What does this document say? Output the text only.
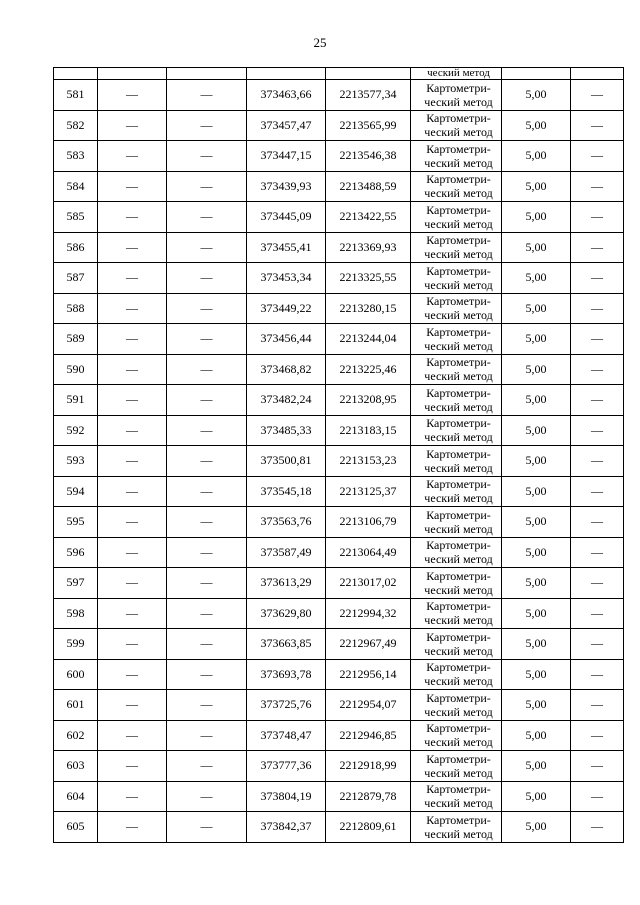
25
					ческий метод		
581	—	—	373463,66	2213577,34	Картометри-
ческий метод	5,00	—
582	—	—	373457,47	2213565,99	Картометри-
ческий метод	5,00	—
583	—	—	373447,15	2213546,38	Картометри-
ческий метод	5,00	—
584	—	—	373439,93	2213488,59	Картометри-
ческий метод	5,00	—
585	—	—	373445,09	2213422,55	Картометри-
ческий метод	5,00	—
586	—	—	373455,41	2213369,93	Картометри-
ческий метод	5,00	—
587	—	—	373453,34	2213325,55	Картометри-
ческий метод	5,00	—
588	—	—	373449,22	2213280,15	Картометри-
ческий метод	5,00	—
589	—	—	373456,44	2213244,04	Картометри-
ческий метод	5,00	—
590	—	—	373468,82	2213225,46	Картометри-
ческий метод	5,00	—
591	—	—	373482,24	2213208,95	Картометри-
ческий метод	5,00	—
592	—	—	373485,33	2213183,15	Картометри-
ческий метод	5,00	—
593	—	—	373500,81	2213153,23	Картометри-
ческий метод	5,00	—
594	—	—	373545,18	2213125,37	Картометри-
ческий метод	5,00	—
595	—	—	373563,76	2213106,79	Картометри-
ческий метод	5,00	—
596	—	—	373587,49	2213064,49	Картометри-
ческий метод	5,00	—
597	—	—	373613,29	2213017,02	Картометри-
ческий метод	5,00	—
598	—	—	373629,80	2212994,32	Картометри-
ческий метод	5,00	—
599	—	—	373663,85	2212967,49	Картометри-
ческий метод	5,00	—
600	—	—	373693,78	2212956,14	Картометри-
ческий метод	5,00	—
601	—	—	373725,76	2212954,07	Картометри-
ческий метод	5,00	—
602	—	—	373748,47	2212946,85	Картометри-
ческий метод	5,00	—
603	—	—	373777,36	2212918,99	Картометри-
ческий метод	5,00	—
604	—	—	373804,19	2212879,78	Картометри-
ческий метод	5,00	—
605	—	—	373842,37	2212809,61	Картометри-
ческий метод	5,00	—
